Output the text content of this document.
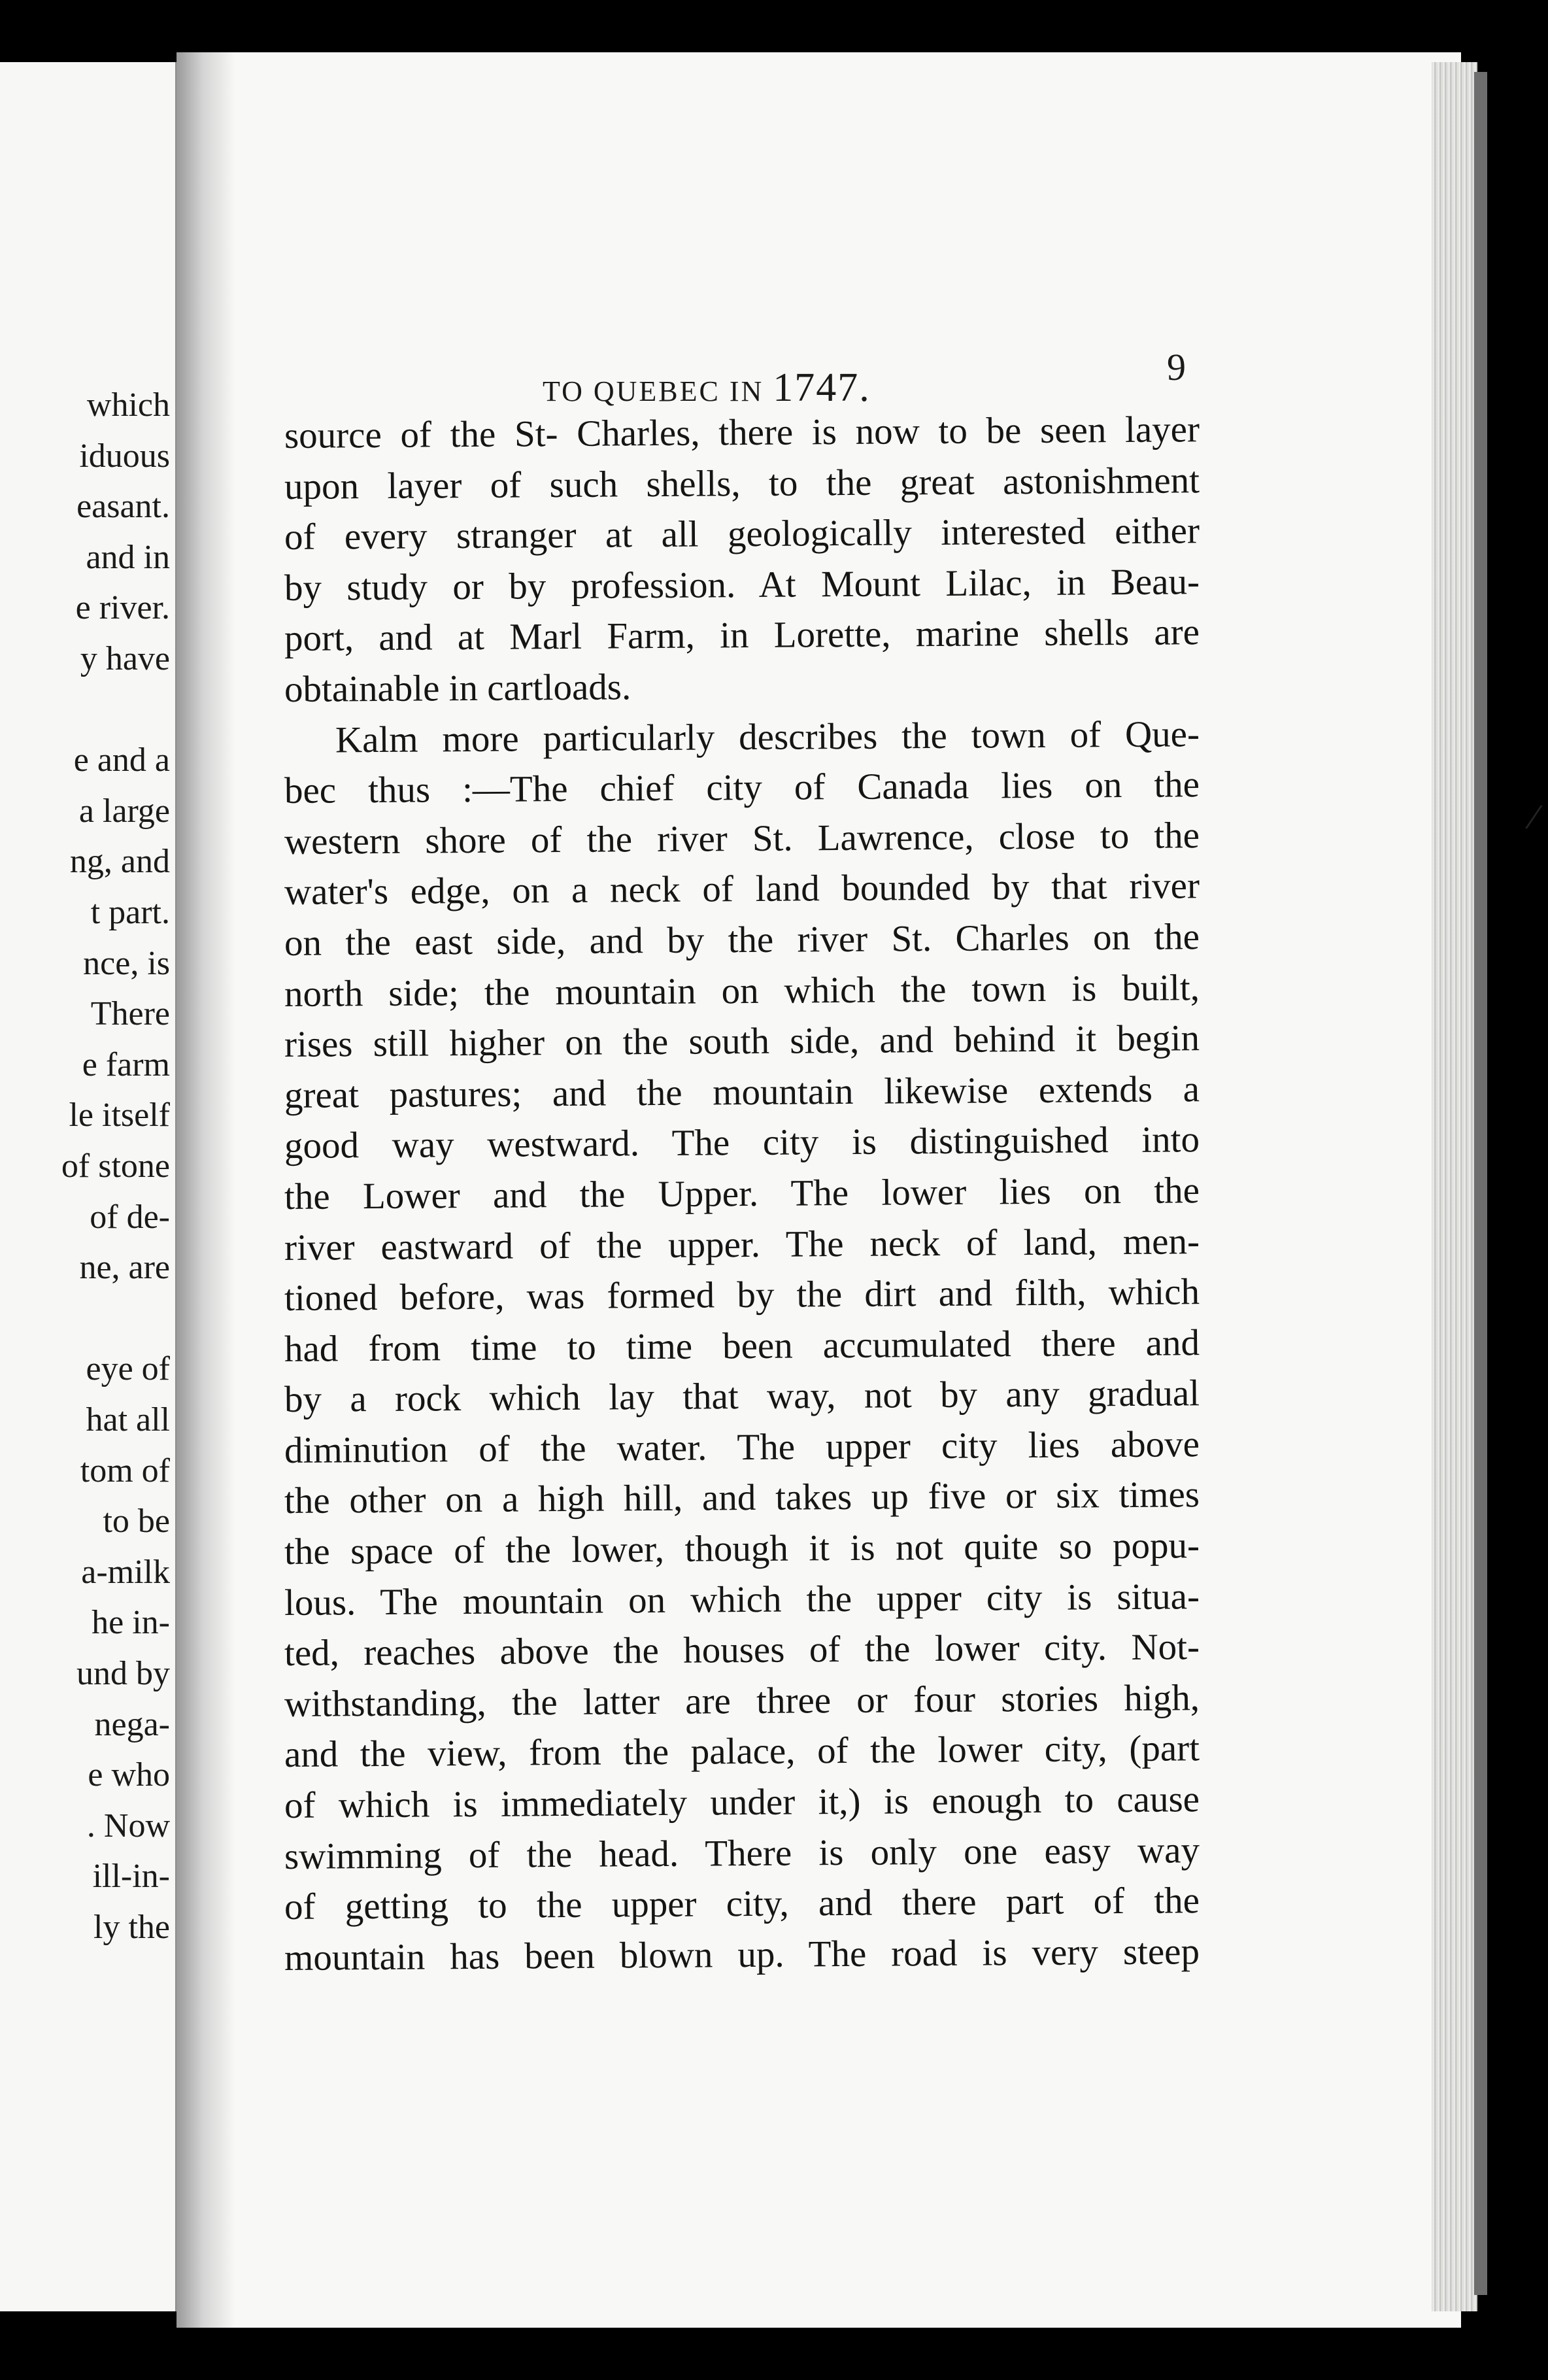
which
iduous
easant.
and in
e river.
y have
e and a
a large
ng, and
t part.
nce, is
There
e farm
le itself
of stone
of de-
ne, are
eye of
hat all
tom of
to be
a-milk
he in-
und by
nega-
e who
. Now
ill-in-
ly the
TO QUEBEC IN 1747.	9
source of the St- Charles, there is now to be seen layer
upon layer of such shells, to the great astonishment
of every stranger at all geologically interested either
by study or by profession. At Mount Lilac, in Beau-
port, and at Marl Farm, in Lorette, marine shells are
obtainable in cartloads.
Kalm more particularly describes the town of Que-
bec thus :—The chief city of Canada lies on the
western shore of the river St. Lawrence, close to the
water's edge, on a neck of land bounded by that river
on the east side, and by the river St. Charles on the
north side; the mountain on which the town is built,
rises still higher on the south side, and behind it begin
great pastures; and the mountain likewise extends a
good way westward. The city is distinguished into
the Lower and the Upper. The lower lies on the
river eastward of the upper. The neck of land, men-
tioned before, was formed by the dirt and filth, which
had from time to time been accumulated there and
by a rock which lay that way, not by any gradual
diminution of the water. The upper city lies above
the other on a high hill, and takes up five or six times
the space of the lower, though it is not quite so popu-
lous. The mountain on which the upper city is situa-
ted, reaches above the houses of the lower city. Not-
withstanding, the latter are three or four stories high,
and the view, from the palace, of the lower city, (part
of which is immediately under it,) is enough to cause
swimming of the head. There is only one easy way
of getting to the upper city, and there part of the
mountain has been blown up. The road is very steep
/
